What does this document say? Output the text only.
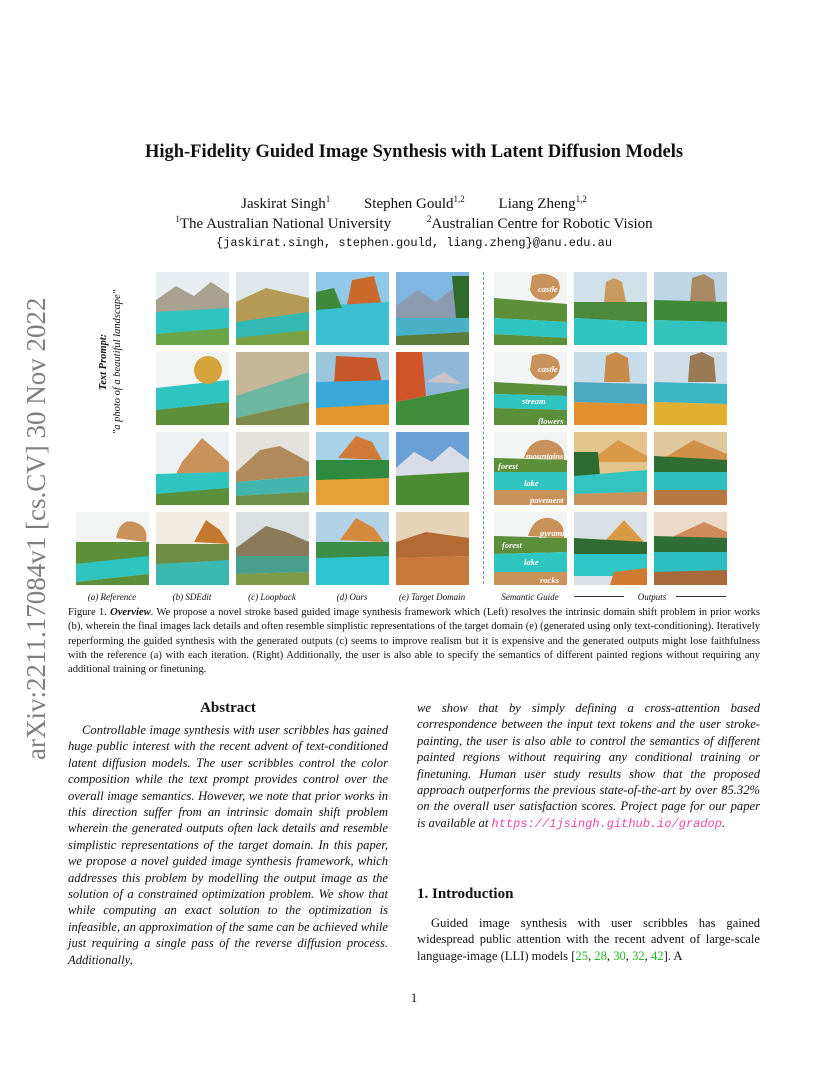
arXiv:2211.17084v1 [cs.CV] 30 Nov 2022
High-Fidelity Guided Image Synthesis with Latent Diffusion Models
Jaskirat Singh$^1$ Stephen Gould$^{1,2}$ Liang Zheng$^{1,2}$
$^1$The Australian National University	$^2$Australian Centre for Robotic Vision
{jaskirat.singh, stephen.gould, liang.zheng}@anu.edu.au
Text Prompt: "a photo of a beautiful landscape"
castle
castle
stream
flowers
mountains
forest
lake
pavement
pyramid
forest
lake
rocks
(a) Reference	(b) SDEdit	(c) Loopback	(d) Ours	(e) Target Domain	Semantic Guide	Outputs
Figure 1. Overview. We propose a novel stroke based guided image synthesis framework which (Left) resolves the intrinsic domain shift problem in prior works (b), wherein the final images lack details and often resemble simplistic representations of the target domain (e) (generated using only text-conditioning). Iteratively reperforming the guided synthesis with the generated outputs (c) seems to improve realism but it is expensive and the generated outputs might lose faithfulness with the reference (a) with each iteration. (Right) Additionally, the user is also able to specify the semantics of different painted regions without requiring any additional training or finetuning.
Abstract
Controllable image synthesis with user scribbles has gained huge public interest with the recent advent of text-conditioned latent diffusion models. The user scribbles control the color composition while the text prompt provides control over the overall image semantics. However, we note that prior works in this direction suffer from an intrinsic domain shift problem wherein the generated outputs often lack details and resemble simplistic representations of the target domain. In this paper, we propose a novel guided image synthesis framework, which addresses this problem by modelling the output image as the solution of a constrained optimization problem. We show that while computing an exact solution to the optimization is infeasible, an approximation of the same can be achieved while just requiring a single pass of the reverse diffusion process. Additionally,
we show that by simply defining a cross-attention based correspondence between the input text tokens and the user stroke-painting, the user is also able to control the semantics of different painted regions without requiring any conditional training or finetuning. Human user study results show that the proposed approach outperforms the previous state-of-the-art by over 85.32% on the overall user satisfaction scores. Project page for our paper is available at https://1jsingh.github.io/gradop.
1. Introduction
Guided image synthesis with user scribbles has gained widespread public attention with the recent advent of large-scale language-image (LLI) models [25, 28, 30, 32, 42]. A
1
